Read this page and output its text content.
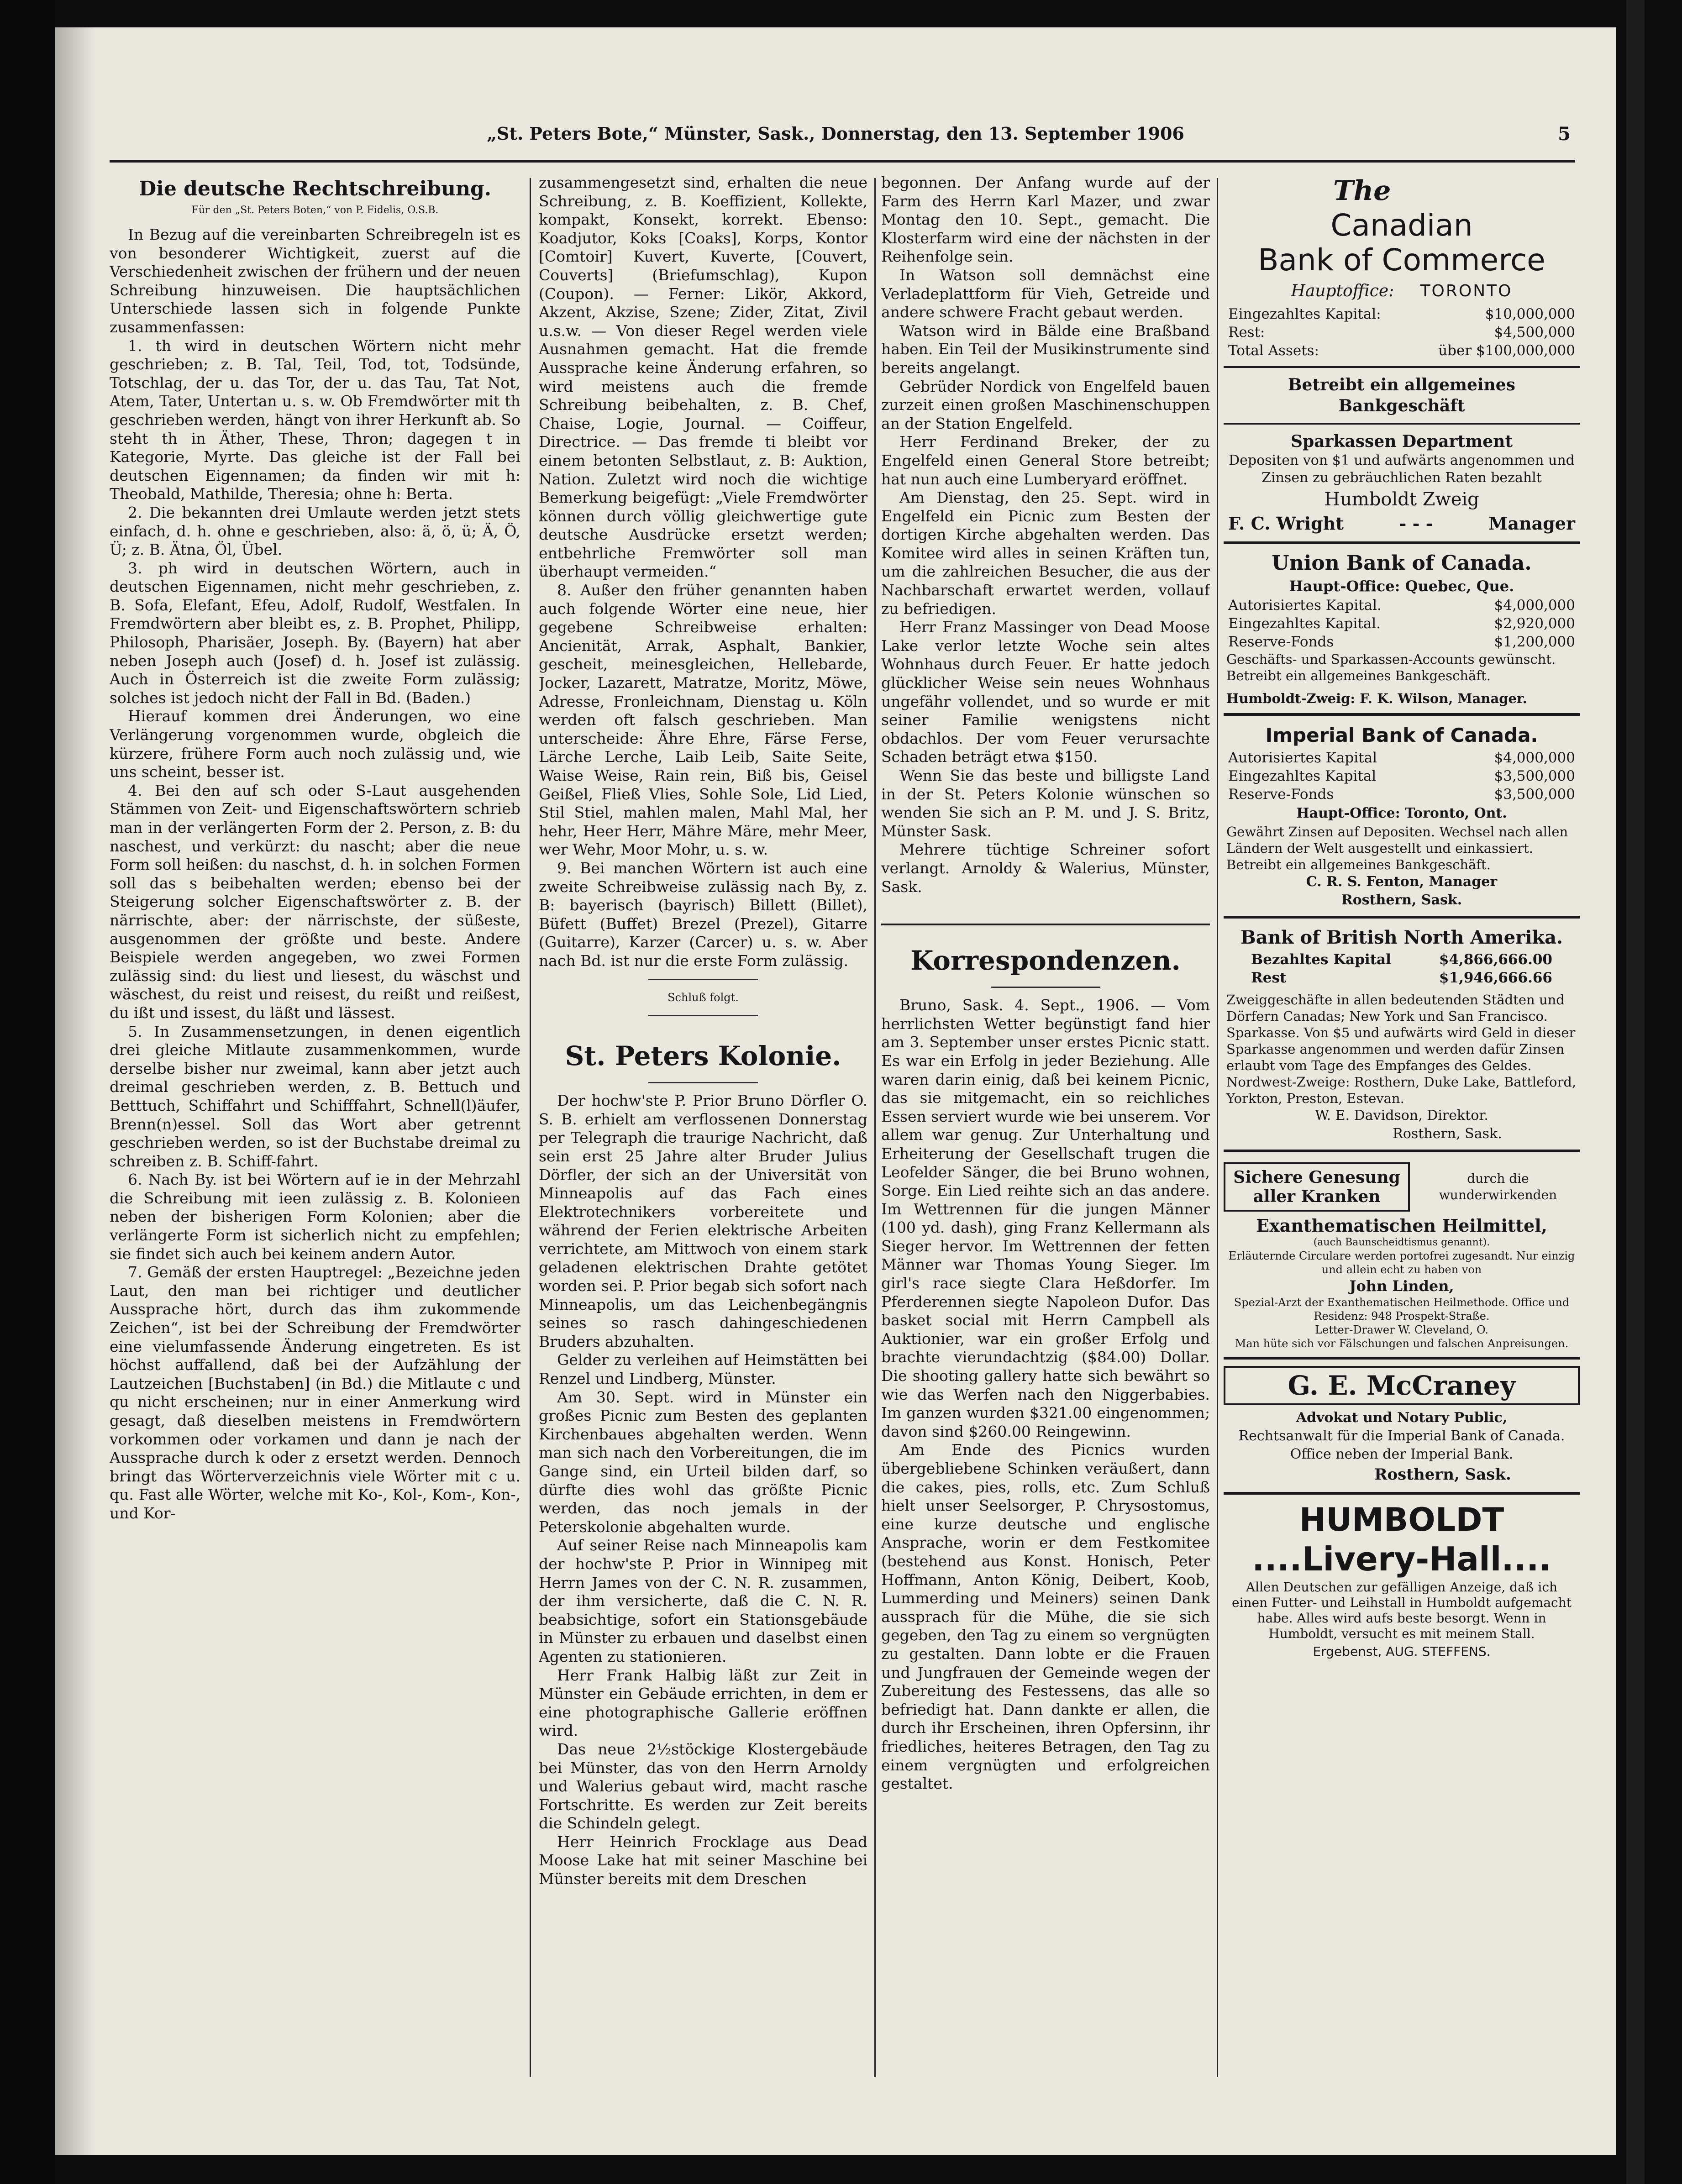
„St. Peters Bote,“ Münster, Sask., Donnerstag, den 13. September 1906	5
Die deutsche Rechtschreibung.
Für den „St. Peters Boten,“ von P. Fidelis, O.S.B.

In Bezug auf die vereinbarten Schreibregeln ist es von besonderer Wichtigkeit, zuerst auf die Verschiedenheit zwischen der frühern und der neuen Schreibung hinzuweisen. Die hauptsächlichen Unterschiede lassen sich in folgende Punkte zusammenfassen:

1. th wird in deutschen Wörtern nicht mehr geschrieben; z. B. Tal, Teil, Tod, tot, Todsünde, Totschlag, der u. das Tor, der u. das Tau, Tat Not, Atem, Tater, Untertan u. s. w. Ob Fremdwörter mit th geschrieben werden, hängt von ihrer Herkunft ab. So steht th in Äther, These, Thron; dagegen t in Kategorie, Myrte. Das gleiche ist der Fall bei deutschen Eigennamen; da finden wir mit h: Theobald, Mathilde, Theresia; ohne h: Berta.

2. Die bekannten drei Umlaute werden jetzt stets einfach, d. h. ohne e geschrieben, also: ä, ö, ü; Ä, Ö, Ü; z. B. Ätna, Öl, Übel.

3. ph wird in deutschen Wörtern, auch in deutschen Eigennamen, nicht mehr geschrieben, z. B. Sofa, Elefant, Efeu, Adolf, Rudolf, Westfalen. In Fremdwörtern aber bleibt es, z. B. Prophet, Philipp, Philosoph, Pharisäer, Joseph. By. (Bayern) hat aber neben Joseph auch (Josef) d. h. Josef ist zulässig. Auch in Österreich ist die zweite Form zulässig; solches ist jedoch nicht der Fall in Bd. (Baden.)

Hierauf kommen drei Änderungen, wo eine Verlängerung vorgenommen wurde, obgleich die kürzere, frühere Form auch noch zulässig und, wie uns scheint, besser ist.

4. Bei den auf sch oder S-Laut ausgehenden Stämmen von Zeit- und Eigenschaftswörtern schrieb man in der verlängerten Form der 2. Person, z. B: du naschest, und verkürzt: du nascht; aber die neue Form soll heißen: du naschst, d. h. in solchen Formen soll das s beibehalten werden; ebenso bei der Steigerung solcher Eigenschaftswörter z. B. der närrischte, aber: der närrischste, der süßeste, ausgenommen der größte und beste. Andere Beispiele werden angegeben, wo zwei Formen zulässig sind: du liest und liesest, du wäschst und wäschest, du reist und reisest, du reißt und reißest, du ißt und issest, du läßt und lässest.

5. In Zusammensetzungen, in denen eigentlich drei gleiche Mitlaute zusammenkommen, wurde derselbe bisher nur zweimal, kann aber jetzt auch dreimal geschrieben werden, z. B. Bettuch und Betttuch, Schiffahrt und Schifffahrt, Schnell(l)äufer, Brenn(n)essel. Soll das Wort aber getrennt geschrieben werden, so ist der Buchstabe dreimal zu schreiben z. B. Schiff-fahrt.

6. Nach By. ist bei Wörtern auf ie in der Mehrzahl die Schreibung mit ieen zulässig z. B. Kolonieen neben der bisherigen Form Kolonien; aber die verlängerte Form ist sicherlich nicht zu empfehlen; sie findet sich auch bei keinem andern Autor.

7. Gemäß der ersten Hauptregel: „Bezeichne jeden Laut, den man bei richtiger und deutlicher Aussprache hört, durch das ihm zukommende Zeichen“, ist bei der Schreibung der Fremdwörter eine vielumfassende Änderung eingetreten. Es ist höchst auffallend, daß bei der Aufzählung der Lautzeichen [Buchstaben] (in Bd.) die Mitlaute c und qu nicht erscheinen; nur in einer Anmerkung wird gesagt, daß dieselben meistens in Fremdwörtern vorkommen oder vorkamen und dann je nach der Aussprache durch k oder z ersetzt werden. Dennoch bringt das Wörterverzeichnis viele Wörter mit c u. qu. Fast alle Wörter, welche mit Ko-, Kol-, Kom-, Kon-, und Kor-

zusammengesetzt sind, erhalten die neue Schreibung, z. B. Koeffizient, Kollekte, kompakt, Konsekt, korrekt. Ebenso: Koadjutor, Koks [Coaks], Korps, Kontor [Comtoir] Kuvert, Kuverte, [Couvert, Couverts] (Briefumschlag), Kupon (Coupon). — Ferner: Likör, Akkord, Akzent, Akzise, Szene; Zider, Zitat, Zivil u.s.w. — Von dieser Regel werden viele Ausnahmen gemacht. Hat die fremde Aussprache keine Änderung erfahren, so wird meistens auch die fremde Schreibung beibehalten, z. B. Chef, Chaise, Logie, Journal. — Coiffeur, Directrice. — Das fremde ti bleibt vor einem betonten Selbstlaut, z. B: Auktion, Nation. Zuletzt wird noch die wichtige Bemerkung beigefügt: „Viele Fremdwörter können durch völlig gleichwertige gute deutsche Ausdrücke ersetzt werden; entbehrliche Fremwörter soll man überhaupt vermeiden.“

8. Außer den früher genannten haben auch folgende Wörter eine neue, hier gegebene Schreibweise erhalten: Ancienität, Arrak, Asphalt, Bankier, gescheit, meinesgleichen, Hellebarde, Jocker, Lazarett, Matratze, Moritz, Möwe, Adresse, Fronleichnam, Dienstag u. Köln werden oft falsch geschrieben. Man unterscheide: Ähre Ehre, Färse Ferse, Lärche Lerche, Laib Leib, Saite Seite, Waise Weise, Rain rein, Biß bis, Geisel Geißel, Fließ Vlies, Sohle Sole, Lid Lied, Stil Stiel, mahlen malen, Mahl Mal, her hehr, Heer Herr, Mähre Märe, mehr Meer, wer Wehr, Moor Mohr, u. s. w.

9. Bei manchen Wörtern ist auch eine zweite Schreibweise zulässig nach By, z. B: bayerisch (bayrisch) Billett (Billet), Büfett (Buffet) Brezel (Prezel), Gitarre (Guitarre), Karzer (Carcer) u. s. w. Aber nach Bd. ist nur die erste Form zulässig.

Schluß folgt.
St. Peters Kolonie.

Der hochw'ste P. Prior Bruno Dörfler O. S. B. erhielt am verflossenen Donnerstag per Telegraph die traurige Nachricht, daß sein erst 25 Jahre alter Bruder Julius Dörfler, der sich an der Universität von Minneapolis auf das Fach eines Elektrotechnikers vorbereitete und während der Ferien elektrische Arbeiten verrichtete, am Mittwoch von einem stark geladenen elektrischen Drahte getötet worden sei. P. Prior begab sich sofort nach Minneapolis, um das Leichenbegängnis seines so rasch dahingeschiedenen Bruders abzuhalten.

Gelder zu verleihen auf Heimstätten bei Renzel und Lindberg, Münster.

Am 30. Sept. wird in Münster ein großes Picnic zum Besten des geplanten Kirchenbaues abgehalten werden. Wenn man sich nach den Vorbereitungen, die im Gange sind, ein Urteil bilden darf, so dürfte dies wohl das größte Picnic werden, das noch jemals in der Peterskolonie abgehalten wurde.

Auf seiner Reise nach Minneapolis kam der hochw'ste P. Prior in Winnipeg mit Herrn James von der C. N. R. zusammen, der ihm versicherte, daß die C. N. R. beabsichtige, sofort ein Stationsgebäude in Münster zu erbauen und daselbst einen Agenten zu stationieren.

Herr Frank Halbig läßt zur Zeit in Münster ein Gebäude errichten, in dem er eine photographische Gallerie eröffnen wird.

Das neue 2½stöckige Klostergebäude bei Münster, das von den Herrn Arnoldy und Walerius gebaut wird, macht rasche Fortschritte. Es werden zur Zeit bereits die Schindeln gelegt.

Herr Heinrich Frocklage aus Dead Moose Lake hat mit seiner Maschine bei Münster bereits mit dem Dreschen

begonnen. Der Anfang wurde auf der Farm des Herrn Karl Mazer, und zwar Montag den 10. Sept., gemacht. Die Klosterfarm wird eine der nächsten in der Reihenfolge sein.

In Watson soll demnächst eine Verladeplattform für Vieh, Getreide und andere schwere Fracht gebaut werden.

Watson wird in Bälde eine Braßband haben. Ein Teil der Musikinstrumente sind bereits angelangt.

Gebrüder Nordick von Engelfeld bauen zurzeit einen großen Maschinenschuppen an der Station Engelfeld.

Herr Ferdinand Breker, der zu Engelfeld einen General Store betreibt; hat nun auch eine Lumberyard eröffnet.

Am Dienstag, den 25. Sept. wird in Engelfeld ein Picnic zum Besten der dortigen Kirche abgehalten werden. Das Komitee wird alles in seinen Kräften tun, um die zahlreichen Besucher, die aus der Nachbarschaft erwartet werden, vollauf zu befriedigen.

Herr Franz Massinger von Dead Moose Lake verlor letzte Woche sein altes Wohnhaus durch Feuer. Er hatte jedoch glücklicher Weise sein neues Wohnhaus ungefähr vollendet, und so wurde er mit seiner Familie wenigstens nicht obdachlos. Der vom Feuer verursachte Schaden beträgt etwa $150.

Wenn Sie das beste und billigste Land in der St. Peters Kolonie wünschen so wenden Sie sich an P. M. und J. S. Britz, Münster Sask.

Mehrere tüchtige Schreiner sofort verlangt. Arnoldy & Walerius, Münster, Sask.

Korrespondenzen.

Bruno, Sask. 4. Sept., 1906. — Vom herrlichsten Wetter begünstigt fand hier am 3. September unser erstes Picnic statt. Es war ein Erfolg in jeder Beziehung. Alle waren darin einig, daß bei keinem Picnic, das sie mitgemacht, ein so reichliches Essen serviert wurde wie bei unserem. Vor allem war genug. Zur Unterhaltung und Erheiterung der Gesellschaft trugen die Leofelder Sänger, die bei Bruno wohnen, Sorge. Ein Lied reihte sich an das andere. Im Wettrennen für die jungen Männer (100 yd. dash), ging Franz Kellermann als Sieger hervor. Im Wettrennen der fetten Männer war Thomas Young Sieger. Im girl's race siegte Clara Heßdorfer. Im Pferderennen siegte Napoleon Dufor. Das basket social mit Herrn Campbell als Auktionier, war ein großer Erfolg und brachte vierundachtzig ($84.00) Dollar. Die shooting gallery hatte sich bewährt so wie das Werfen nach den Niggerbabies. Im ganzen wurden $321.00 eingenommen; davon sind $260.00 Reingewinn.

Am Ende des Picnics wurden übergebliebene Schinken veräußert, dann die cakes, pies, rolls, etc. Zum Schluß hielt unser Seelsorger, P. Chrysostomus, eine kurze deutsche und englische Ansprache, worin er dem Festkomitee (bestehend aus Konst. Honisch, Peter Hoffmann, Anton König, Deibert, Koob, Lummerding und Meiners) seinen Dank aussprach für die Mühe, die sie sich gegeben, den Tag zu einem so vergnügten zu gestalten. Dann lobte er die Frauen und Jungfrauen der Gemeinde wegen der Zubereitung des Festessens, das alle so befriedigt hat. Dann dankte er allen, die durch ihr Erscheinen, ihren Opfersinn, ihr friedliches, heiteres Betragen, den Tag zu einem vergnügten und erfolgreichen gestaltet.

The
Canadian
Bank of Commerce
Hauptoffice: TORONTO
Eingezahltes Kapital:	$10,000,000
Rest:	$4,500,000
Total Assets:	über $100,000,000
Betreibt ein allgemeines Bankgeschäft
Sparkassen Department
Depositen von $1 und aufwärts angenommen und Zinsen zu gebräuchlichen Raten bezahlt
Humboldt Zweig
F. C. Wright	- - -	Manager
Union Bank of Canada.
Haupt-Office: Quebec, Que.
Autorisiertes Kapital.	$4,000,000
Eingezahltes Kapital.	$2,920,000
Reserve-Fonds	$1,200,000
Geschäfts- und Sparkassen-Accounts gewünscht. Betreibt ein allgemeines Bankgeschäft.
Humboldt-Zweig: F. K. Wilson, Manager.
Imperial Bank of Canada.
Autorisiertes Kapital	$4,000,000
Eingezahltes Kapital	$3,500,000
Reserve-Fonds	$3,500,000
Haupt-Office: Toronto, Ont.
Gewährt Zinsen auf Depositen. Wechsel nach allen Ländern der Welt ausgestellt und einkassiert. Betreibt ein allgemeines Bankgeschäft.
C. R. S. Fenton, Manager
Rosthern, Sask.
Bank of British North Amerika.
Bezahltes Kapital	$4,866,666.00
Rest	$1,946,666.66
Zweiggeschäfte in allen bedeutenden Städten und Dörfern Canadas; New York und San Francisco.
Sparkasse. Von $5 und aufwärts wird Geld in dieser Sparkasse angenommen und werden dafür Zinsen erlaubt vom Tage des Empfanges des Geldes.
Nordwest-Zweige: Rosthern, Duke Lake, Battleford, Yorkton, Preston, Estevan.
W. E. Davidson, Direktor.
Rosthern, Sask.
Sichere Genesung aller Kranken
durch die wunderwirkenden
Exanthematischen Heilmittel,
(auch Baunscheidtismus genannt).
Erläuternde Circulare werden portofrei zugesandt. Nur einzig und allein echt zu haben von
John Linden,
Spezial-Arzt der Exanthematischen Heilmethode. Office und Residenz: 948 Prospekt-Straße.
Letter-Drawer W. Cleveland, O.
Man hüte sich vor Fälschungen und falschen Anpreisungen.
G. E. McCraney
Advokat und Notary Public,
Rechtsanwalt für die Imperial Bank of Canada.
Office neben der Imperial Bank.
Rosthern, Sask.
HUMBOLDT
....Livery-Hall....
Allen Deutschen zur gefälligen Anzeige, daß ich einen Futter- und Leihstall in Humboldt aufgemacht habe. Alles wird aufs beste besorgt. Wenn in Humboldt, versucht es mit meinem Stall.
Ergebenst, AUG. STEFFENS.
